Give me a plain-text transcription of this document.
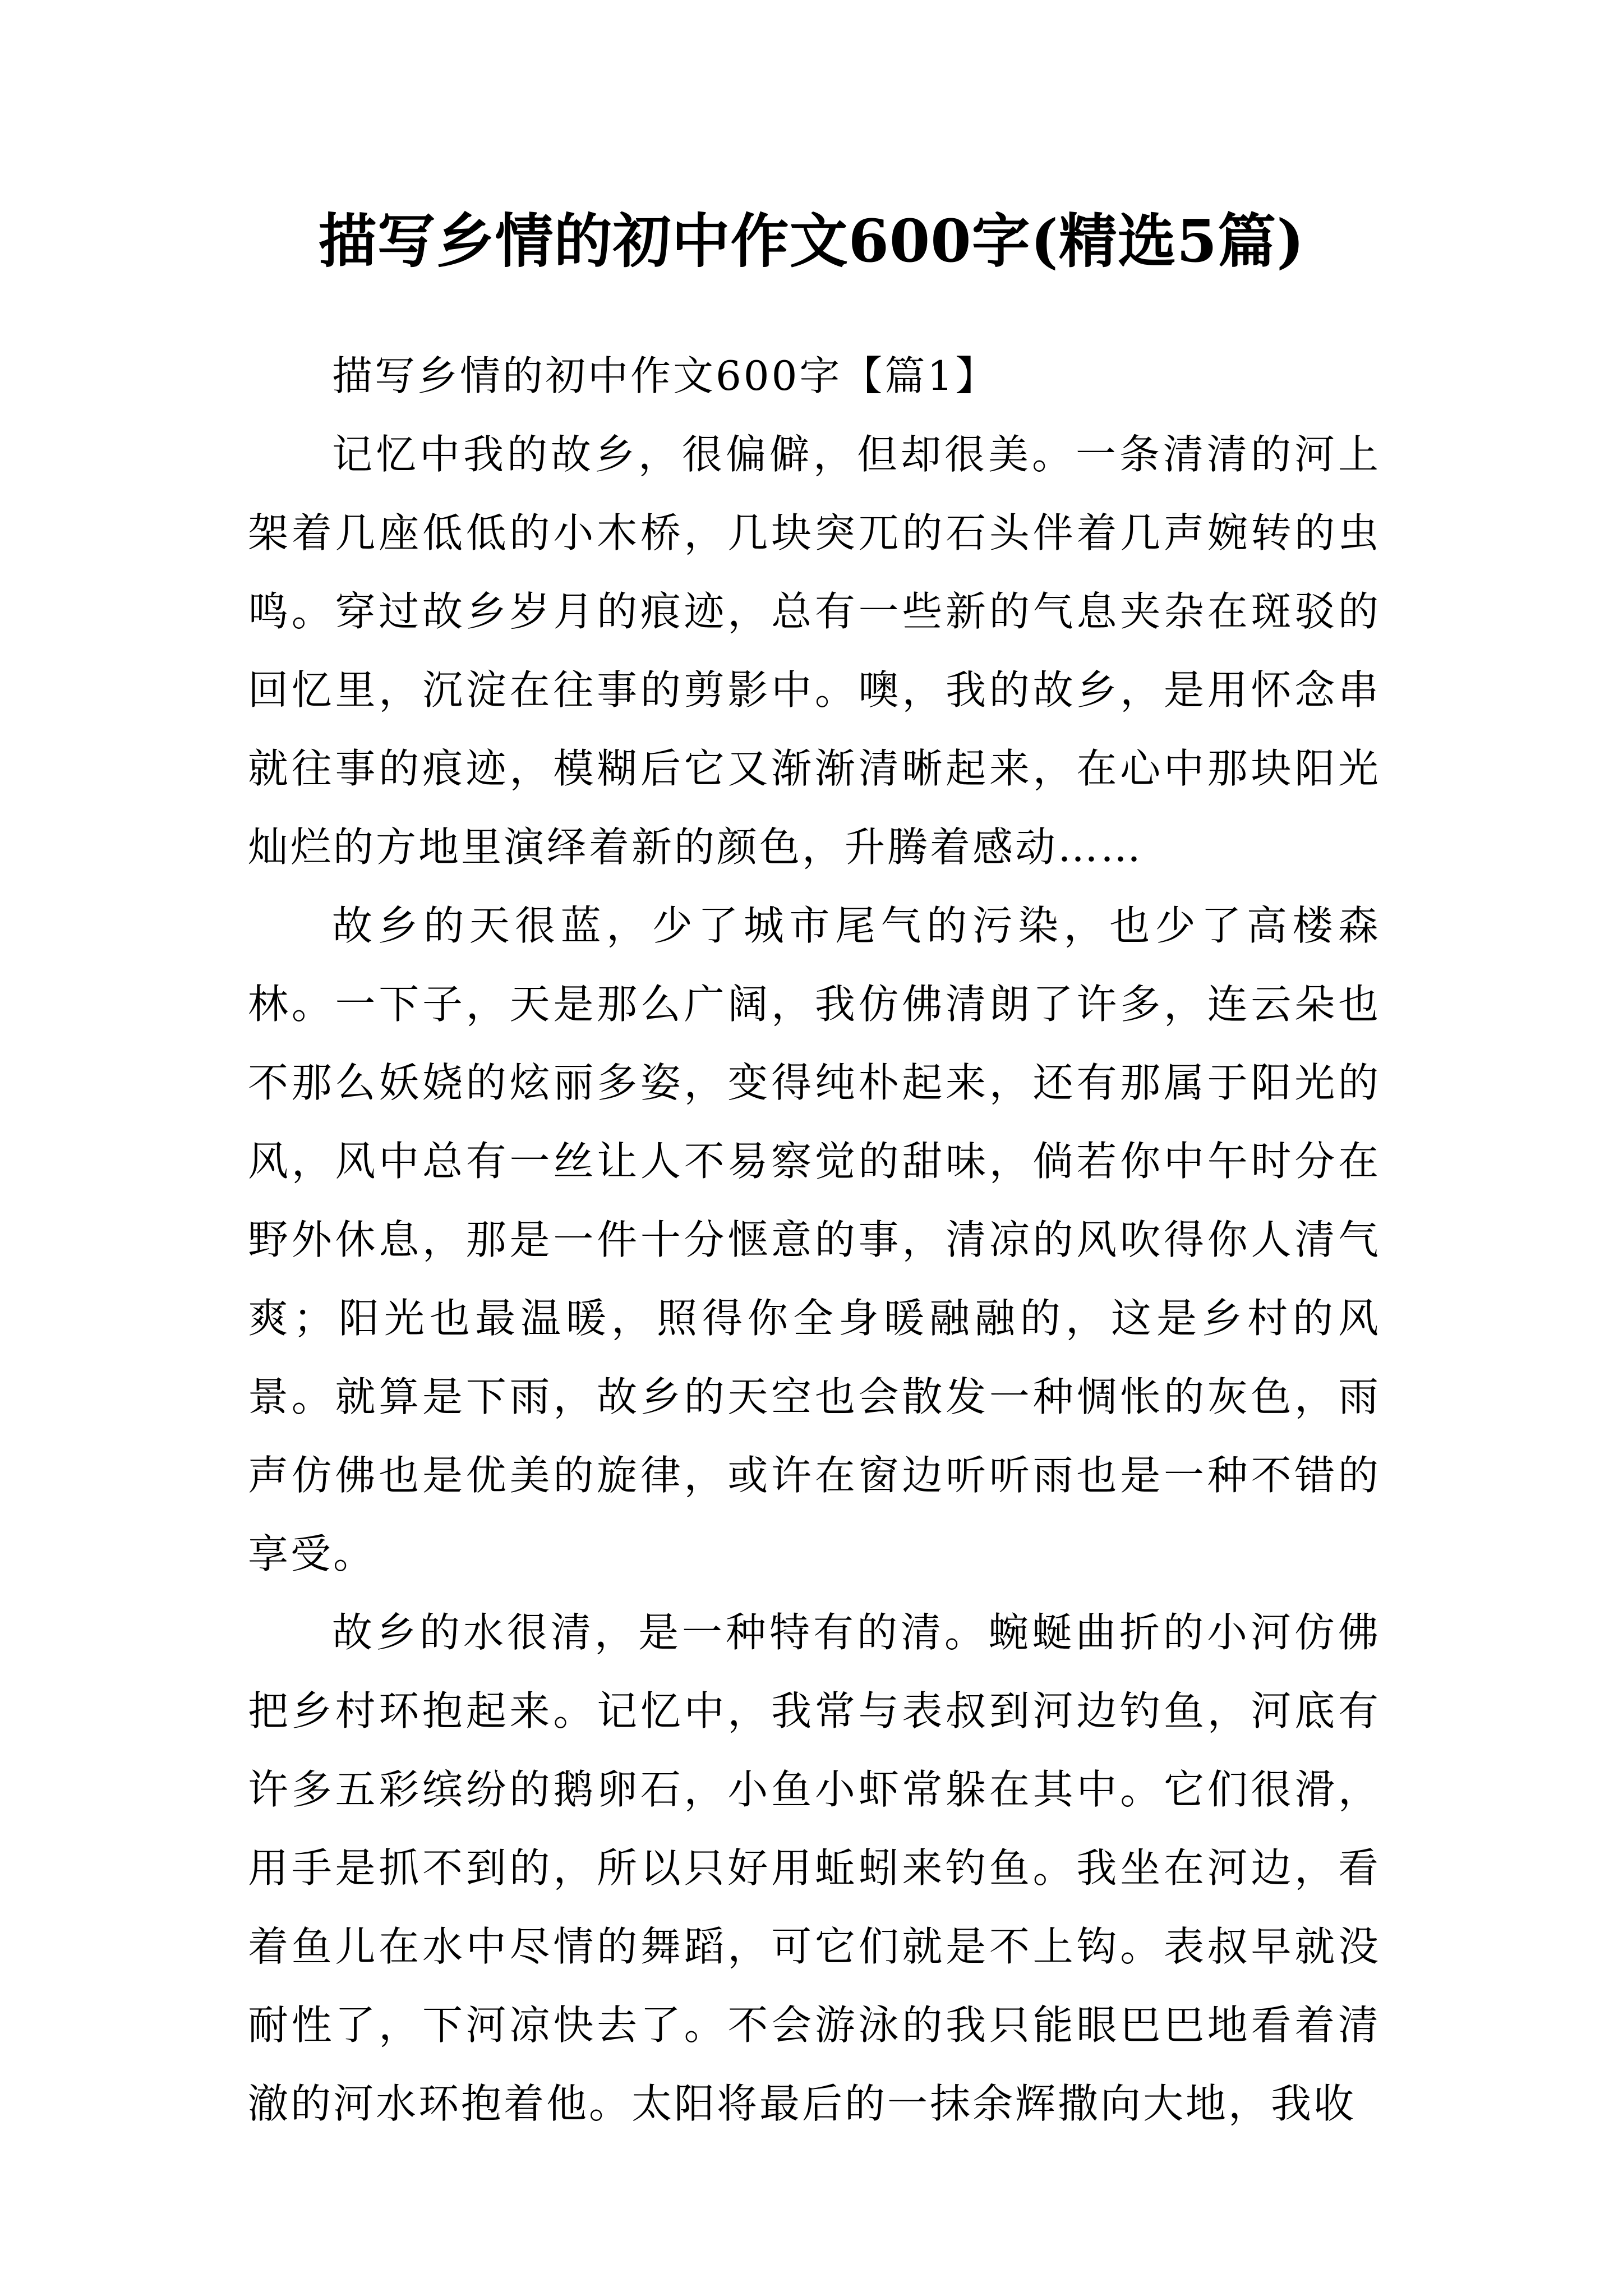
描写乡情的初中作文600字(精选5篇)

描写乡情的初中作文600字【篇1】

记忆中我的故乡，很偏僻，但却很美。一条清清的河上架着几座低低的小木桥，几块突兀的石头伴着几声婉转的虫鸣。穿过故乡岁月的痕迹，总有一些新的气息夹杂在斑驳的回忆里，沉淀在往事的剪影中。噢，我的故乡，是用怀念串就往事的痕迹，模糊后它又渐渐清晰起来，在心中那块阳光灿烂的方地里演绎着新的颜色，升腾着感动……

故乡的天很蓝，少了城市尾气的污染，也少了高楼森林。一下子，天是那么广阔，我仿佛清朗了许多，连云朵也不那么妖娆的炫丽多姿，变得纯朴起来，还有那属于阳光的风，风中总有一丝让人不易察觉的甜味，倘若你中午时分在野外休息，那是一件十分惬意的事，清凉的风吹得你人清气爽；阳光也最温暖，照得你全身暖融融的，这是乡村的风景。就算是下雨，故乡的天空也会散发一种惆怅的灰色，雨声仿佛也是优美的旋律，或许在窗边听听雨也是一种不错的享受。

故乡的水很清，是一种特有的清。蜿蜒曲折的小河仿佛把乡村环抱起来。记忆中，我常与表叔到河边钓鱼，河底有许多五彩缤纷的鹅卵石，小鱼小虾常躲在其中。它们很滑，用手是抓不到的，所以只好用蚯蚓来钓鱼。我坐在河边，看着鱼儿在水中尽情的舞蹈，可它们就是不上钩。表叔早就没耐性了，下河凉快去了。不会游泳的我只能眼巴巴地看着清澈的河水环抱着他。太阳将最后的一抹余辉撒向大地，我收
